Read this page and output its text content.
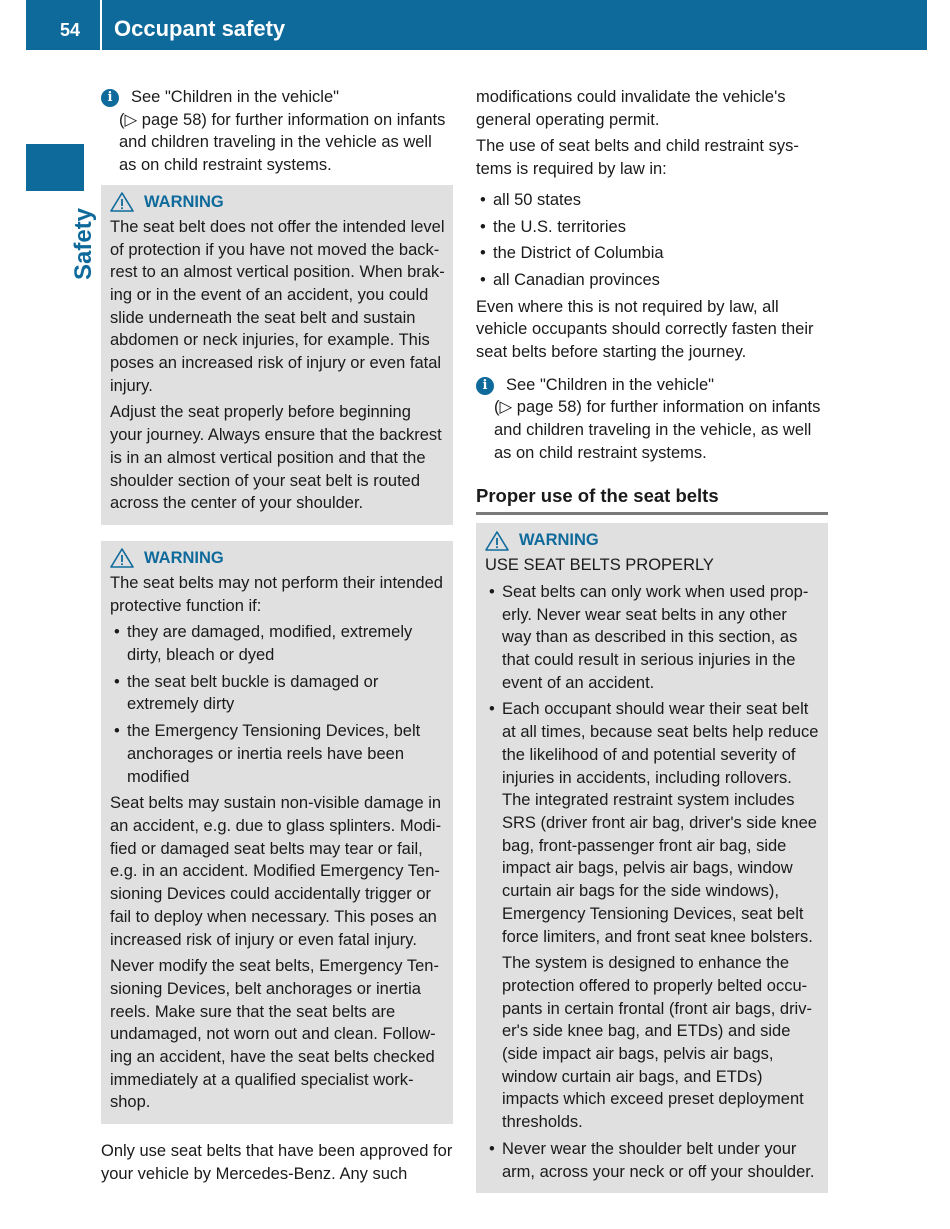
54 Occupant safety
Safety
i	See "Children in the vehicle"
(▷ page 58) for further information on infants and children traveling in the vehicle as well as on child restraint systems.
WARNING

The seat belt does not offer the intended level of protection if you have not moved the backrest to an almost vertical position. When braking or in the event of an accident, you could slide underneath the seat belt and sustain abdomen or neck injuries, for example. This poses an increased risk of injury or even fatal injury.

Adjust the seat properly before beginning your journey. Always ensure that the backrest is in an almost vertical position and that the shoulder section of your seat belt is routed across the center of your shoulder.

WARNING

The seat belts may not perform their intended protective function if:

• they are damaged, modified, extremely dirty, bleach or dyed
• the seat belt buckle is damaged or extremely dirty
• the Emergency Tensioning Devices, belt anchorages or inertia reels have been modified

Seat belts may sustain non-visible damage in an accident, e.g. due to glass splinters. Modified or damaged seat belts may tear or fail, e.g. in an accident. Modified Emergency Tensioning Devices could accidentally trigger or fail to deploy when necessary. This poses an increased risk of injury or even fatal injury.

Never modify the seat belts, Emergency Tensioning Devices, belt anchorages or inertia reels. Make sure that the seat belts are undamaged, not worn out and clean. Following an accident, have the seat belts checked immediately at a qualified specialist workshop.

Only use seat belts that have been approved for your vehicle by Mercedes-Benz. Any such

modifications could invalidate the vehicle's general operating permit.

The use of seat belts and child restraint systems is required by law in:

• all 50 states
• the U.S. territories
• the District of Columbia
• all Canadian provinces

Even where this is not required by law, all vehicle occupants should correctly fasten their seat belts before starting the journey.

i	See "Children in the vehicle"
(▷ page 58) for further information on infants and children traveling in the vehicle, as well as on child restraint systems.
Proper use of the seat belts
WARNING

USE SEAT BELTS PROPERLY

• Seat belts can only work when used properly. Never wear seat belts in any other way than as described in this section, as that could result in serious injuries in the event of an accident.
• Each occupant should wear their seat belt at all times, because seat belts help reduce the likelihood of and potential severity of injuries in accidents, including rollovers. The integrated restraint system includes SRS (driver front air bag, driver's side knee bag, front-passenger front air bag, side impact air bags, pelvis air bags, window curtain air bags for the side windows), Emergency Tensioning Devices, seat belt force limiters, and front seat knee bolsters.

The system is designed to enhance the protection offered to properly belted occupants in certain frontal (front air bags, driver's side knee bag, and ETDs) and side (side impact air bags, pelvis air bags, window curtain air bags, and ETDs) impacts which exceed preset deployment thresholds.

• Never wear the shoulder belt under your arm, across your neck or off your shoulder.
